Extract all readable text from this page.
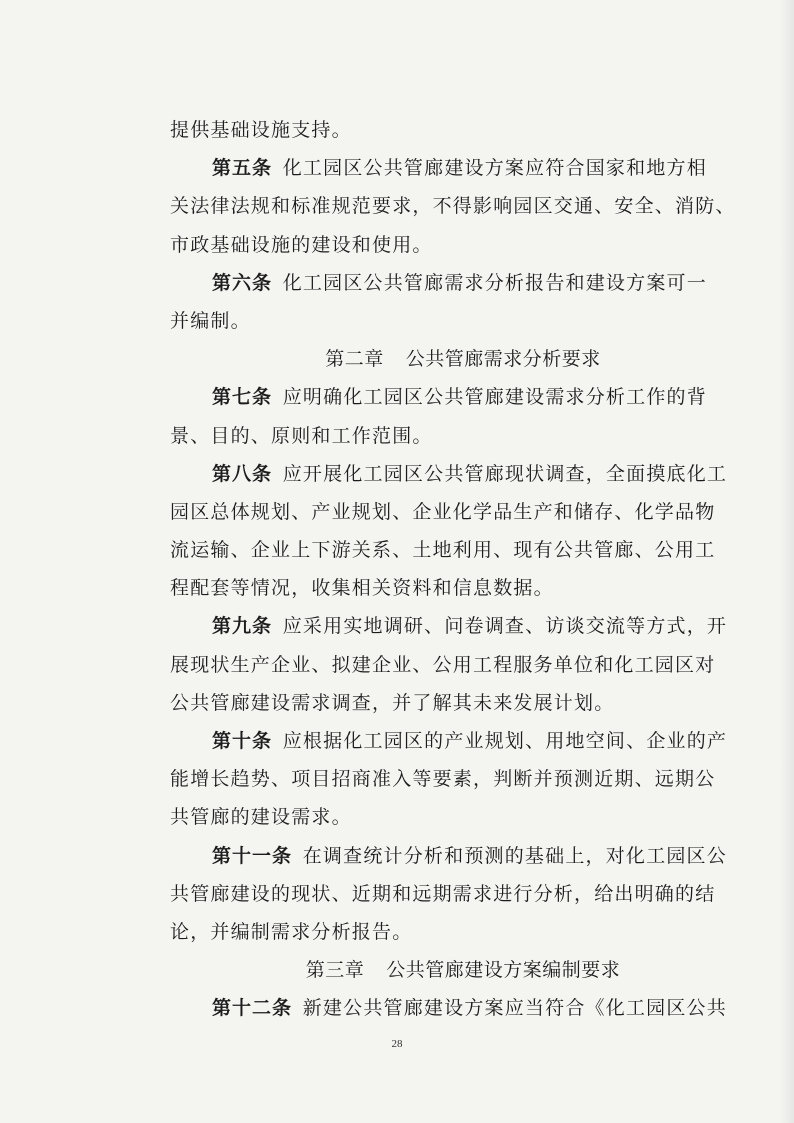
提供基础设施支持。
第五条  化工园区公共管廊建设方案应符合国家和地方相
关法律法规和标准规范要求，不得影响园区交通、安全、消防、
市政基础设施的建设和使用。
第六条  化工园区公共管廊需求分析报告和建设方案可一
并编制。
第二章 公共管廊需求分析要求
第七条  应明确化工园区公共管廊建设需求分析工作的背
景、目的、原则和工作范围。
第八条  应开展化工园区公共管廊现状调查，全面摸底化工
园区总体规划、产业规划、企业化学品生产和储存、化学品物
流运输、企业上下游关系、土地利用、现有公共管廊、公用工
程配套等情况，收集相关资料和信息数据。
第九条  应采用实地调研、问卷调查、访谈交流等方式，开
展现状生产企业、拟建企业、公用工程服务单位和化工园区对
公共管廊建设需求调查，并了解其未来发展计划。
第十条  应根据化工园区的产业规划、用地空间、企业的产
能增长趋势、项目招商准入等要素，判断并预测近期、远期公
共管廊的建设需求。
第十一条  在调查统计分析和预测的基础上，对化工园区公
共管廊建设的现状、近期和远期需求进行分析，给出明确的结
论，并编制需求分析报告。
第三章 公共管廊建设方案编制要求
第十二条  新建公共管廊建设方案应当符合《化工园区公共
28
